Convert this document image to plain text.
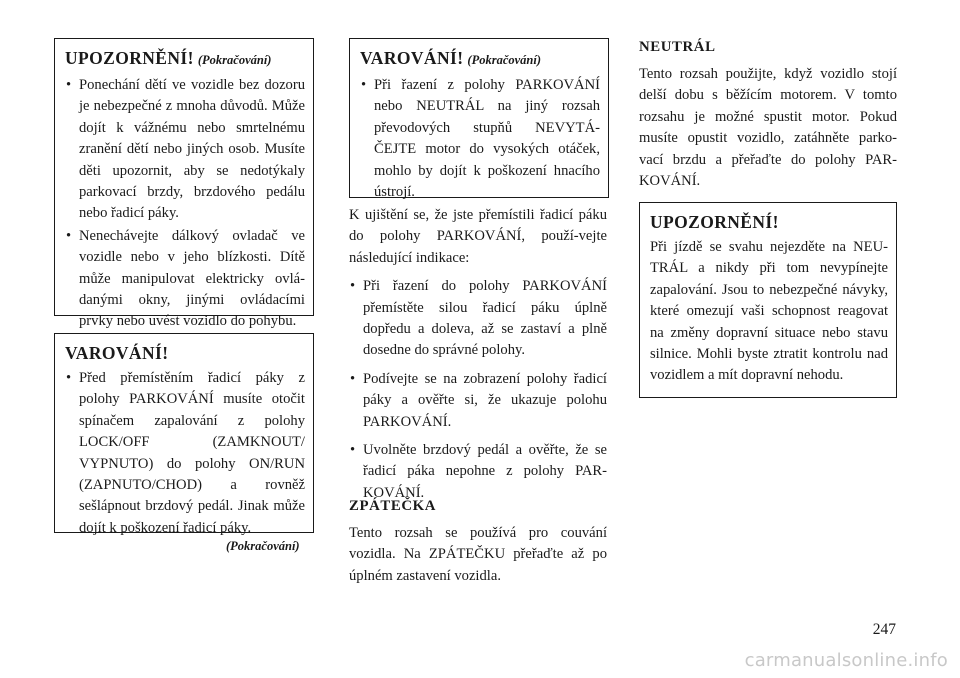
UPOZORNĚNÍ! (Pokračování)
• Ponechání dětí ve vozidle bez dozoru je nebezpečné z mnoha důvodů. Může dojít k vážnému nebo smrtelnému zranění dětí nebo jiných osob. Musíte děti upozornit, aby se nedotýkaly parkovací brzdy, brzdového pedálu nebo řadicí páky.
• Nenechávejte dálkový ovladač ve vozidle nebo v jeho blízkosti. Dítě může manipulovat elektricky ovlá-danými okny, jinými ovládacími prvky nebo uvést vozidlo do pohybu.
VAROVÁNÍ!
• Před přemístěním řadicí páky z polohy PARKOVÁNÍ musíte otočit spínačem zapalování z polohy LOCK/OFF (ZAMKNOUT/ VYPNUTO) do polohy ON/RUN (ZAPNUTO/CHOD) a rovněž sešlápnout brzdový pedál. Jinak může dojít k poškození řadicí páky.
(Pokračování)
VAROVÁNÍ! (Pokračování)
• Při řazení z polohy PARKOVÁNÍ nebo NEUTRÁL na jiný rozsah převodových stupňů NEVYTÁ-ČEJTE motor do vysokých otáček, mohlo by dojít k poškození hnacího ústrojí.

K ujištění se, že jste přemístili řadicí páku do polohy PARKOVÁNÍ, použí-vejte následující indikace:

• Při řazení do polohy PARKOVÁNÍ přemístěte silou řadicí páku úplně dopředu a doleva, až se zastaví a plně dosedne do správné polohy.
• Podívejte se na zobrazení polohy řadicí páky a ověřte si, že ukazuje polohu PARKOVÁNÍ.
• Uvolněte brzdový pedál a ověřte, že se řadicí páka nepohne z polohy PAR-KOVÁNÍ.
ZPÁTEČKA

Tento rozsah se používá pro couvání vozidla. Na ZPÁTEČKU přeřaďte až po úplném zastavení vozidla.

NEUTRÁL

Tento rozsah použijte, když vozidlo stojí delší dobu s běžícím motorem. V tomto rozsahu je možné spustit motor. Pokud musíte opustit vozidlo, zatáhněte parko-vací brzdu a přeřaďte do polohy PAR-KOVÁNÍ.

UPOZORNĚNÍ!

Při jízdě se svahu nejezděte na NEU-TRÁL a nikdy při tom nevypínejte zapalování. Jsou to nebezpečné návyky, které omezují vaši schopnost reagovat na změny dopravní situace nebo stavu silnice. Mohli byste ztratit kontrolu nad vozidlem a mít dopravní nehodu.

247
carmanualsonline.info
